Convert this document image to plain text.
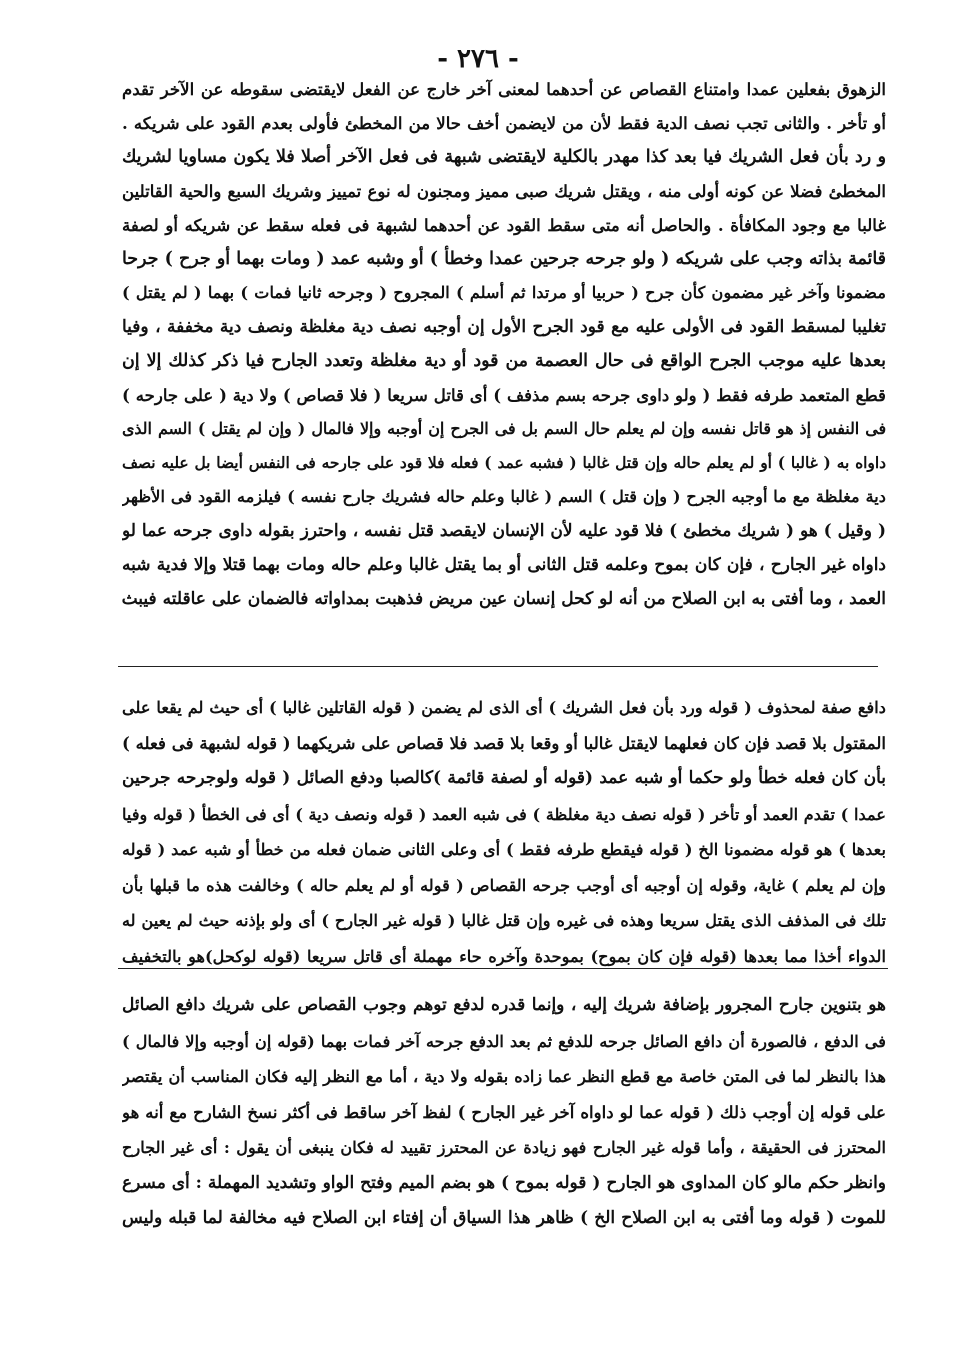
- ٢٧٦ -
الزهوق بفعلين عمدا وامتناع القصاص عن أحدهما لمعنى آخر خارج عن الفعل لايقتضى سقوطه عن الآخر تقدم
أو تأخر . والثانى تجب نصف الدية فقط لأن من لايضمن أخف حالا من المخطئ فأولى بعدم القود على شريكه .
و رد بأن فعل الشريك فيا بعد كذا مهدر بالكلية لايقتضى شبهة فى فعل الآخر أصلا فلا يكون مساويا لشريك
المخطئ فضلا عن كونه أولى منه ، ويقتل شريك صبى مميز ومجنون له نوع تمييز وشريك السبع والحية القاتلين
غالبا مع وجود المكافأة . والحاصل أنه متى سقط القود عن أحدهما لشبهة فى فعله سقط عن شريكه أو لصفة
قائمة بذاته وجب على شريكه ( ولو جرحه جرحين عمدا وخطأ ) أو وشبه عمد ( ومات بهما أو جرح ) جرحا
مضمونا وآخر غير مضمون كأن جرح ( حربيا أو مرتدا ثم أسلم ) المجروح ( وجرحه ثانيا فمات ) بهما ( لم يقتل )
تغليبا لمسقط القود فى الأولى عليه مع قود الجرح الأول إن أوجبه نصف دية مغلظة ونصف دية مخففة ، وفيا
بعدها عليه موجب الجرح الواقع فى حال العصمة من قود أو دية مغلظة وتعدد الجارح فيا ذكر كذلك إلا إن
قطع المتعمد طرفه فقط ( ولو داوى جرحه بسم مذفف ) أى قاتل سريعا ( فلا قصاص ) ولا دية ( على جارحه )
فى النفس إذ هو قاتل نفسه وإن لم يعلم حال السم بل فى الجرح إن أوجبه وإلا فالمال ( وإن لم يقتل ) السم الذى
داواه به ( غالبا ) أو لم يعلم حاله وإن قتل غالبا ( فشبه عمد ) فعله فلا قود على جارحه فى النفس أيضا بل عليه نصف
دية مغلظة مع ما أوجبه الجرح ( وإن قتل ) السم ( غالبا وعلم حاله فشريك جارح نفسه ) فيلزمه القود فى الأظهر
( وقيل ) هو ( شريك مخطئ ) فلا قود عليه لأن الإنسان لايقصد قتل نفسه ، واحترز بقوله داوى جرحه عما لو
داواه غير الجارح ، فإن كان بموح وعلمه قتل الثانى أو بما يقتل غالبا وعلم حاله ومات بهما قتلا وإلا فدية شبه
العمد ، وما أفتى به ابن الصلاح من أنه لو كحل إنسان عين مريض فذهبت بمداواته فالضمان على عاقلته فيبث
دافع صفة لمحذوف ( قوله ورد بأن فعل الشريك ) أى الذى لم يضمن ( قوله القاتلين غالبا ) أى حيث لم يقعا على
المقتول بلا قصد فإن كان فعلهما لايقتل غالبا أو وقعا بلا قصد فلا قصاص على شريكهما ( قوله لشبهة فى فعله )
بأن كان فعله خطأ ولو حكما أو شبه عمد (قوله أو لصفة قائمة )كالصبا ودفع الصائل ( قوله ولوجرحه جرحين
عمدا ) تقدم العمد أو تأخر ( قوله نصف دية مغلظة ) فى شبه العمد ( قوله ونصف دية ) أى فى الخطأ ( قوله وفيا
بعدها ) هو قوله مضمونا الخ ( قوله فيقطع طرفه فقط ) أى وعلى الثانى ضمان فعله من خطأ أو شبه عمد ( قوله
وإن لم يعلم ) غاية، وقوله إن أوجبه أى أوجب جرحه القصاص ( قوله أو لم يعلم حاله ) وخالفت هذه ما قبلها بأن
تلك فى المذفف الذى يقتل سريعا وهذه فى غيره وإن قتل غالبا ( قوله غير الجارح ) أى ولو بإذنه حيث لم يعين له
الدواء أخذا مما بعدها (قوله فإن كان بموح) بموحدة وآخره حاء مهملة أى قاتل سريعا (قوله لوكحل)هو بالتخفيف
هو بتنوين جارح المجرور بإضافة شريك إليه ، وإنما قدره لدفع توهم وجوب القصاص على شريك دافع الصائل
فى الدفع ، فالصورة أن دافع الصائل جرحه للدفع ثم بعد الدفع جرحه آخر فمات بهما (قوله إن أوجبه وإلا فالمال )
هذا بالنظر لما فى المتن خاصة مع قطع النظر عما زاده بقوله ولا دية ، أما مع النظر إليه فكان المناسب أن يقتصر
على قوله إن أوجب ذلك ( قوله عما لو داواه آخر غير الجارح ) لفظ آخر ساقط فى أكثر نسخ الشارح مع أنه هو
المحترز فى الحقيقة ، وأما قوله غير الجارح فهو زيادة عن المحترز تقييد له فكان ينبغى أن يقول : أى غير الجارح
وانظر حكم مالو كان المداوى هو الجارح ( قوله بموح ) هو بضم الميم وفتح الواو وتشديد المهملة : أى مسرع
للموت ( قوله وما أفتى به ابن الصلاح الخ ) ظاهر هذا السياق أن إفتاء ابن الصلاح فيه مخالفة لما قبله وليس
